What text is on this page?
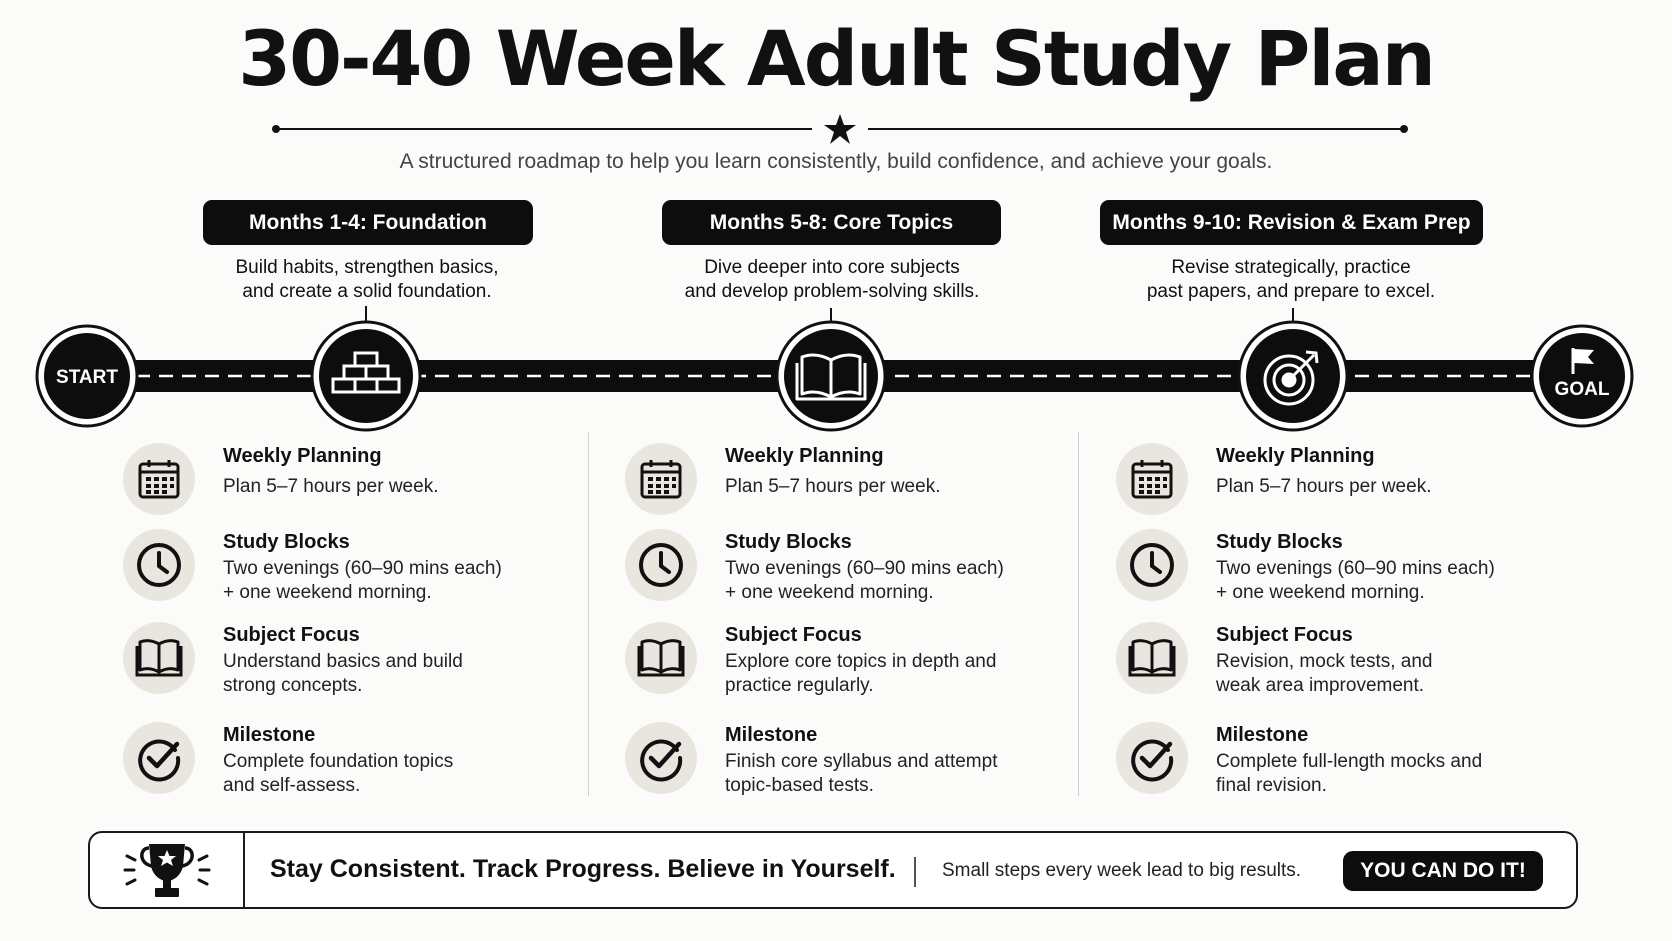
30-40 Week Adult Study Plan
A structured roadmap to help you learn consistently, build confidence, and achieve your goals.
Months 1-4: Foundation	Months 5-8: Core Topics	Months 9-10: Revision & Exam Prep
Build habits, strengthen basics,
and create a solid foundation.
Dive deeper into core subjects
and develop problem-solving skills.
Revise strategically, practice
past papers, and prepare to excel.
START
GOAL
Weekly Planning
Plan 5–7 hours per week.
Study Blocks
Two evenings (60–90 mins each)
+ one weekend morning.
Subject Focus
Understand basics and build
strong concepts.
Milestone
Complete foundation topics
and self-assess.
Weekly Planning
Plan 5–7 hours per week.
Study Blocks
Two evenings (60–90 mins each)
+ one weekend morning.
Subject Focus
Explore core topics in depth and
practice regularly.
Milestone
Finish core syllabus and attempt
topic-based tests.
Weekly Planning
Plan 5–7 hours per week.
Study Blocks
Two evenings (60–90 mins each)
+ one weekend morning.
Subject Focus
Revision, mock tests, and
weak area improvement.
Milestone
Complete full-length mocks and
final revision.
Stay Consistent. Track Progress. Believe in Yourself. Small steps every week lead to big results.	YOU CAN DO IT!
